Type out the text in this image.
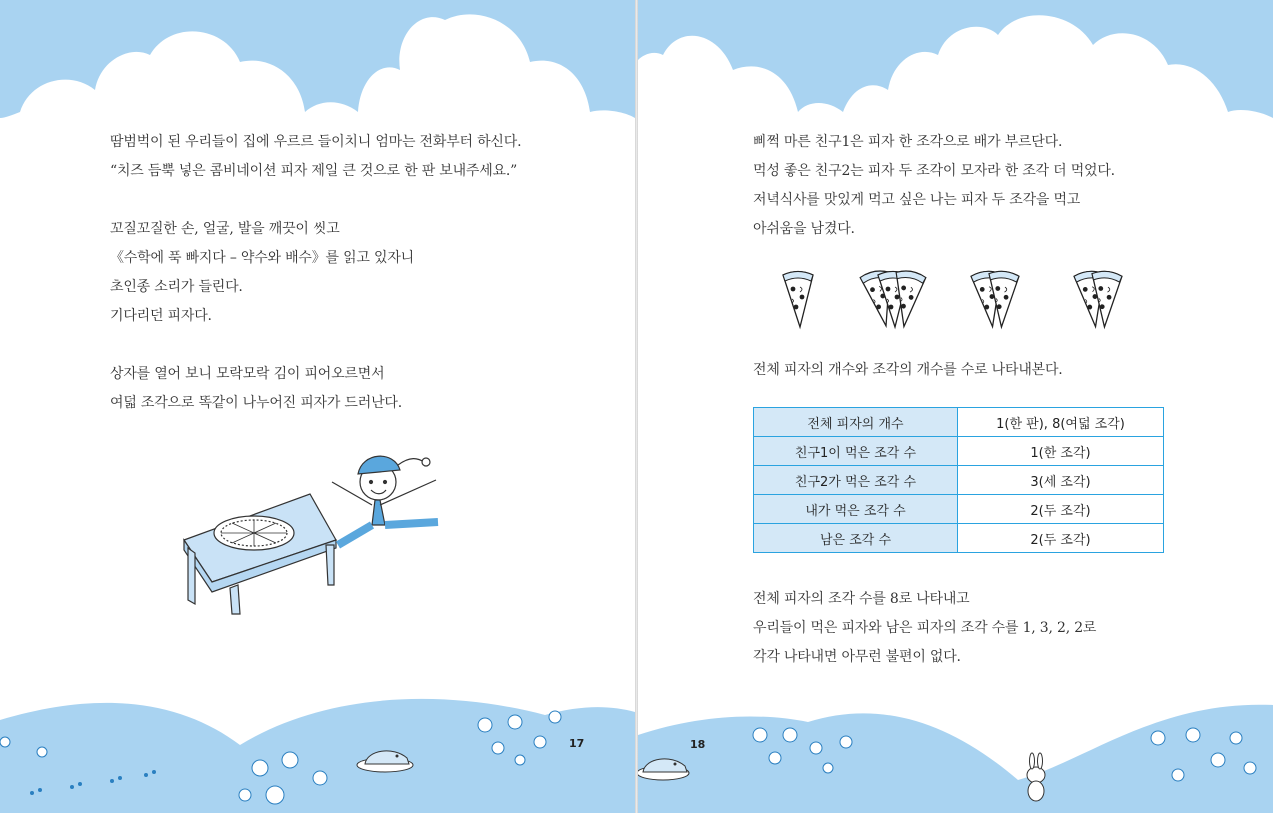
땀범벅이 된 우리들이 집에 우르르 들이치니 엄마는 전화부터 하신다.

“치즈 듬뿍 넣은 콤비네이션 피자 제일 큰 것으로 한 판 보내주세요.”

꼬질꼬질한 손, 얼굴, 발을 깨끗이 씻고

《수학에 푹 빠지다 – 약수와 배수》를 읽고 있자니

초인종 소리가 들린다.

기다리던 피자다.

상자를 열어 보니 모락모락 김이 피어오르면서

여덟 조각으로 똑같이 나누어진 피자가 드러난다.

17

삐쩍 마른 친구1은 피자 한 조각으로 배가 부르단다.

먹성 좋은 친구2는 피자 두 조각이 모자라 한 조각 더 먹었다.

저녁식사를 맛있게 먹고 싶은 나는 피자 두 조각을 먹고

아쉬움을 남겼다.

전체 피자의 개수와 조각의 개수를 수로 나타내본다.

전체 피자의 개수	1(한 판), 8(여덟 조각)
친구1이 먹은 조각 수	1(한 조각)
친구2가 먹은 조각 수	3(세 조각)
내가 먹은 조각 수	2(두 조각)
남은 조각 수	2(두 조각)

전체 피자의 조각 수를 8로 나타내고

우리들이 먹은 피자와 남은 피자의 조각 수를 1, 3, 2, 2로

각각 나타내면 아무런 불편이 없다.

18
